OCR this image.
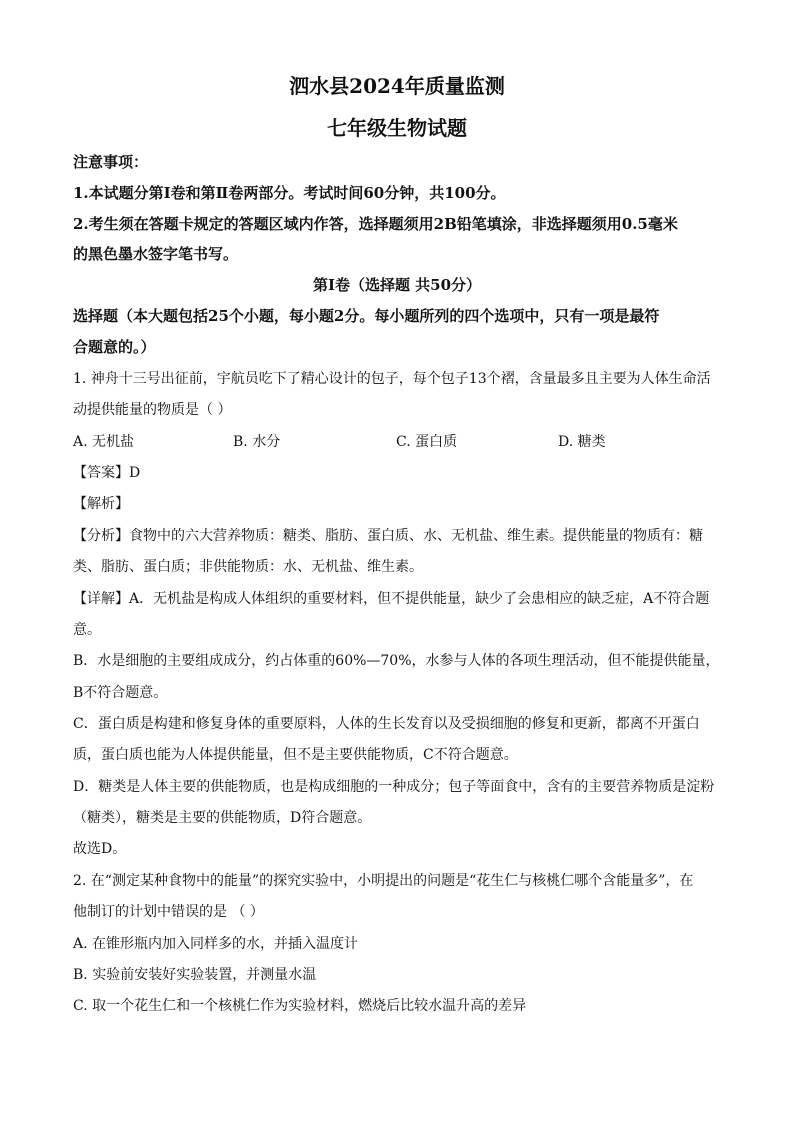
泗水县2024年质量监测
七年级生物试题
注意事项：
1.本试题分第Ⅰ卷和第Ⅱ卷两部分。考试时间60分钟，共100分。
2.考生须在答题卡规定的答题区域内作答，选择题须用2B铅笔填涂，非选择题须用0.5毫米
的黑色墨水签字笔书写。
第Ⅰ卷（选择题 共50分）
选择题（本大题包括25个小题，每小题2分。每小题所列的四个选项中，只有一项是最符
合题意的。）
1. 神舟十三号出征前，宇航员吃下了精心设计的包子，每个包子13个褶，含量最多且主要为人体生命活
动提供能量的物质是（ ）
A. 无机盐	B. 水分	C. 蛋白质	D. 糖类
【答案】D
【解析】
【分析】食物中的六大营养物质：糖类、脂肪、蛋白质、水、无机盐、维生素。提供能量的物质有：糖
类、脂肪、蛋白质；非供能物质：水、无机盐、维生素。
【详解】A．无机盐是构成人体组织的重要材料，但不提供能量，缺少了会患相应的缺乏症，A不符合题
意。
B．水是细胞的主要组成成分，约占体重的60%—70%，水参与人体的各项生理活动，但不能提供能量，
B不符合题意。
C．蛋白质是构建和修复身体的重要原料，人体的生长发育以及受损细胞的修复和更新，都离不开蛋白
质，蛋白质也能为人体提供能量，但不是主要供能物质，C不符合题意。
D．糖类是人体主要的供能物质，也是构成细胞的一种成分；包子等面食中，含有的主要营养物质是淀粉
（糖类），糖类是主要的供能物质，D符合题意。
故选D。
2. 在“测定某种食物中的能量”的探究实验中，小明提出的问题是“花生仁与核桃仁哪个含能量多”，在
他制订的计划中错误的是 （ ）
A. 在锥形瓶内加入同样多的水，并插入温度计
B. 实验前安装好实验装置，并测量水温
C. 取一个花生仁和一个核桃仁作为实验材料，燃烧后比较水温升高的差异
